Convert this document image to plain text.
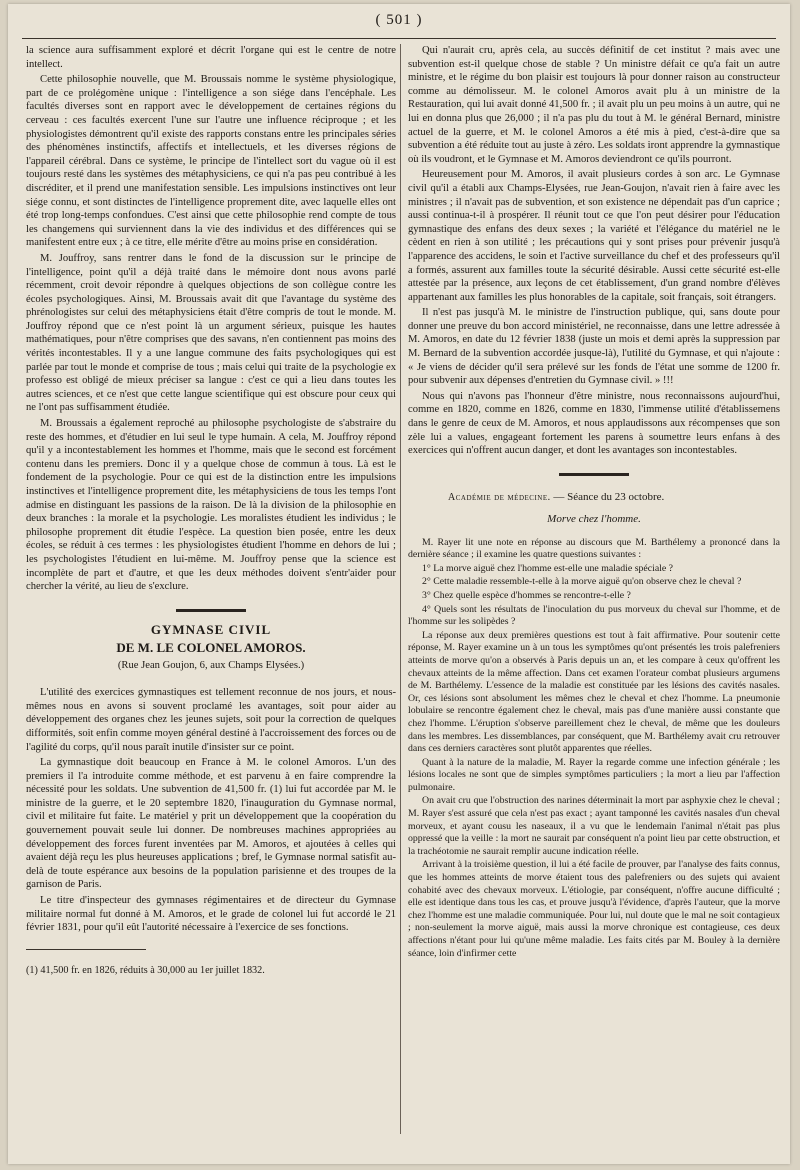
( 501 )

la science aura suffisamment exploré et décrit l'organe qui est le centre de notre intellect.

Cette philosophie nouvelle, que M. Broussais nomme le système physiologique, part de ce prolégomène unique : l'intelligence a son siége dans l'encéphale. Les facultés diverses sont en rapport avec le développement de certaines régions du cerveau : ces facultés exercent l'une sur l'autre une influence réciproque ; et les physiologistes démontrent qu'il existe des rapports constans entre les principales séries des phénomènes instinctifs, affectifs et intellectuels, et les diverses régions de l'appareil cérébral. Dans ce système, le principe de l'intellect sort du vague où il est toujours resté dans les systèmes des métaphysiciens, ce qui n'a pas peu contribué à les discréditer, et il prend une manifestation sensible. Les impulsions instinctives ont leur siége connu, et sont distinctes de l'intelligence proprement dite, avec laquelle elles ont été trop long-temps confondues. C'est ainsi que cette philosophie rend compte de tous les changemens qui surviennent dans la vie des individus et des différences qui se manifestent entre eux ; à ce titre, elle mérite d'être au moins prise en considération.

M. Jouffroy, sans rentrer dans le fond de la discussion sur le principe de l'intelligence, point qu'il a déjà traité dans le mémoire dont nous avons parlé récemment, croit devoir répondre à quelques objections de son collègue contre les écoles psychologiques. Ainsi, M. Broussais avait dit que l'avantage du système des phrénologistes sur celui des métaphysiciens était d'être compris de tout le monde. M. Jouffroy répond que ce n'est point là un argument sérieux, puisque les hautes mathématiques, pour n'être comprises que des savans, n'en contiennent pas moins des vérités incontestables. Il y a une langue commune des faits psychologiques qui est parlée par tout le monde et comprise de tous ; mais celui qui traite de la psychologie ex professo est obligé de mieux préciser sa langue : c'est ce qui a lieu dans toutes les autres sciences, et ce n'est que cette langue scientifique qui est obscure pour ceux qui ne l'ont pas suffisamment étudiée.

M. Broussais a également reproché au philosophe psychologiste de s'abstraire du reste des hommes, et d'étudier en lui seul le type humain. A cela, M. Jouffroy répond qu'il y a incontestablement les hommes et l'homme, mais que le second est forcément contenu dans les premiers. Donc il y a quelque chose de commun à tous. Là est le fondement de la psychologie. Pour ce qui est de la distinction entre les impulsions instinctives et l'intelligence proprement dite, les métaphysiciens de tous les temps l'ont admise en distinguant les passions de la raison. De là la division de la philosophie en deux branches : la morale et la psychologie. Les moralistes étudient les individus ; le philosophe proprement dit étudie l'espèce. La question bien posée, entre les deux écoles, se réduit à ces termes : les physiologistes étudient l'homme en dehors de lui ; les psychologistes l'étudient en lui-même. M. Jouffroy pense que la science est incomplète de part et d'autre, et que les deux méthodes doivent s'entr'aider pour chercher la vérité, au lieu de s'exclure.

GYMNASE CIVIL
DE M. LE COLONEL AMOROS.
(Rue Jean Goujon, 6, aux Champs Elysées.)

L'utilité des exercices gymnastiques est tellement reconnue de nos jours, et nous-mêmes nous en avons si souvent proclamé les avantages, soit pour aider au développement des organes chez les jeunes sujets, soit pour la correction de quelques difformités, soit enfin comme moyen général destiné à l'accroissement des forces ou de l'agilité du corps, qu'il nous paraît inutile d'insister sur ce point.

La gymnastique doit beaucoup en France à M. le colonel Amoros. L'un des premiers il l'a introduite comme méthode, et est parvenu à en faire comprendre la nécessité pour les soldats. Une subvention de 41,500 fr. (1) lui fut accordée par M. le ministre de la guerre, et le 20 septembre 1820, l'inauguration du Gymnase normal, civil et militaire fut faite. Le matériel y prit un développement que la coopération du gouvernement pouvait seule lui donner. De nombreuses machines appropriées au développement des forces furent inventées par M. Amoros, et ajoutées à celles qui avaient déjà reçu les plus heureuses applications ; bref, le Gymnase normal satisfit au-delà de toute espérance aux besoins de la population parisienne et des troupes de la garnison de Paris.

Le titre d'inspecteur des gymnases régimentaires et de directeur du Gymnase militaire normal fut donné à M. Amoros, et le grade de colonel lui fut accordé le 21 février 1831, pour qu'il eût l'autorité nécessaire à l'exercice de ses fonctions.

(1) 41,500 fr. en 1826, réduits à 30,000 au 1er juillet 1832.

Qui n'aurait cru, après cela, au succès définitif de cet institut ? mais avec une subvention est-il quelque chose de stable ? Un ministre défait ce qu'a fait un autre ministre, et le régime du bon plaisir est toujours là pour donner raison au constructeur comme au démolisseur. M. le colonel Amoros avait plu à un ministre de la Restauration, qui lui avait donné 41,500 fr. ; il avait plu un peu moins à un autre, qui ne lui en donna plus que 26,000 ; il n'a pas plu du tout à M. le général Bernard, ministre actuel de la guerre, et M. le colonel Amoros a été mis à pied, c'est-à-dire que sa subvention a été réduite tout au juste à zéro. Les soldats iront apprendre la gymnastique où ils voudront, et le Gymnase et M. Amoros deviendront ce qu'ils pourront.

Heureusement pour M. Amoros, il avait plusieurs cordes à son arc. Le Gymnase civil qu'il a établi aux Champs-Elysées, rue Jean-Goujon, n'avait rien à faire avec les ministres ; il n'avait pas de subvention, et son existence ne dépendait pas d'un caprice ; aussi continua-t-il à prospérer. Il réunit tout ce que l'on peut désirer pour l'éducation gymnastique des enfans des deux sexes ; la variété et l'élégance du matériel ne le cèdent en rien à son utilité ; les précautions qui y sont prises pour prévenir jusqu'à l'apparence des accidens, le soin et l'active surveillance du chef et des professeurs qu'il a formés, assurent aux familles toute la sécurité désirable. Aussi cette sécurité est-elle attestée par la présence, aux leçons de cet établissement, d'un grand nombre d'élèves appartenant aux familles les plus honorables de la capitale, soit français, soit étrangers.

Il n'est pas jusqu'à M. le ministre de l'instruction publique, qui, sans doute pour donner une preuve du bon accord ministériel, ne reconnaisse, dans une lettre adressée à M. Amoros, en date du 12 février 1838 (juste un mois et demi après la suppression par M. Bernard de la subvention accordée jusque-là), l'utilité du Gymnase, et qui n'ajoute : « Je viens de décider qu'il sera prélevé sur les fonds de l'état une somme de 1200 fr. pour subvenir aux dépenses d'entretien du Gymnase civil. » !!!

Nous qui n'avons pas l'honneur d'être ministre, nous reconnaissons aujourd'hui, comme en 1820, comme en 1826, comme en 1830, l'immense utilité d'établissemens dans le genre de ceux de M. Amoros, et nous applaudissons aux récompenses que son zèle lui a values, engageant fortement les parens à soumettre leurs enfans à des exercices qui n'offrent aucun danger, et dont les avantages son incontestables.

Académie de médecine. — Séance du 23 octobre.
Morve chez l'homme.

M. Rayer lit une note en réponse au discours que M. Barthélemy a prononcé dans la dernière séance ; il examine les quatre questions suivantes :

1° La morve aiguë chez l'homme est-elle une maladie spéciale ?

2° Cette maladie ressemble-t-elle à la morve aiguë qu'on observe chez le cheval ?

3° Chez quelle espèce d'hommes se rencontre-t-elle ?

4° Quels sont les résultats de l'inoculation du pus morveux du cheval sur l'homme, et de l'homme sur les solipèdes ?

La réponse aux deux premières questions est tout à fait affirmative. Pour soutenir cette réponse, M. Rayer examine un à un tous les symptômes qu'ont présentés les trois palefreniers atteints de morve qu'on a observés à Paris depuis un an, et les compare à ceux qu'offrent les chevaux atteints de la même affection. Dans cet examen l'orateur combat plusieurs argumens de M. Barthélemy. L'essence de la maladie est constituée par les lésions des cavités nasales. Or, ces lésions sont absolument les mêmes chez le cheval et chez l'homme. La pneumonie lobulaire se rencontre également chez le cheval, mais pas d'une manière aussi constante que chez l'homme. L'éruption s'observe pareillement chez le cheval, de même que les douleurs dans les membres. Les dissemblances, par conséquent, que M. Barthélemy avait cru retrouver dans ces derniers caractères sont plutôt apparentes que réelles.

Quant à la nature de la maladie, M. Rayer la regarde comme une infection générale ; les lésions locales ne sont que de simples symptômes particuliers ; la mort a lieu par l'affection pulmonaire.

On avait cru que l'obstruction des narines déterminait la mort par asphyxie chez le cheval ; M. Rayer s'est assuré que cela n'est pas exact ; ayant tamponné les cavités nasales d'un cheval morveux, et ayant cousu les naseaux, il a vu que le lendemain l'animal n'était pas plus oppressé que la veille : la mort ne saurait par conséquent n'a point lieu par cette obstruction, et la trachéotomie ne saurait remplir aucune indication réelle.

Arrivant à la troisième question, il lui a été facile de prouver, par l'analyse des faits connus, que les hommes atteints de morve étaient tous des palefreniers ou des sujets qui avaient cohabité avec des chevaux morveux. L'étiologie, par conséquent, n'offre aucune difficulté ; elle est identique dans tous les cas, et prouve jusqu'à l'évidence, d'après l'auteur, que la morve chez l'homme est une maladie communiquée. Pour lui, nul doute que le mal ne soit contagieux ; non-seulement la morve aiguë, mais aussi la morve chronique est contagieuse, ces deux affections n'étant pour lui qu'une même maladie. Les faits cités par M. Bouley à la dernière séance, loin d'infirmer cette
